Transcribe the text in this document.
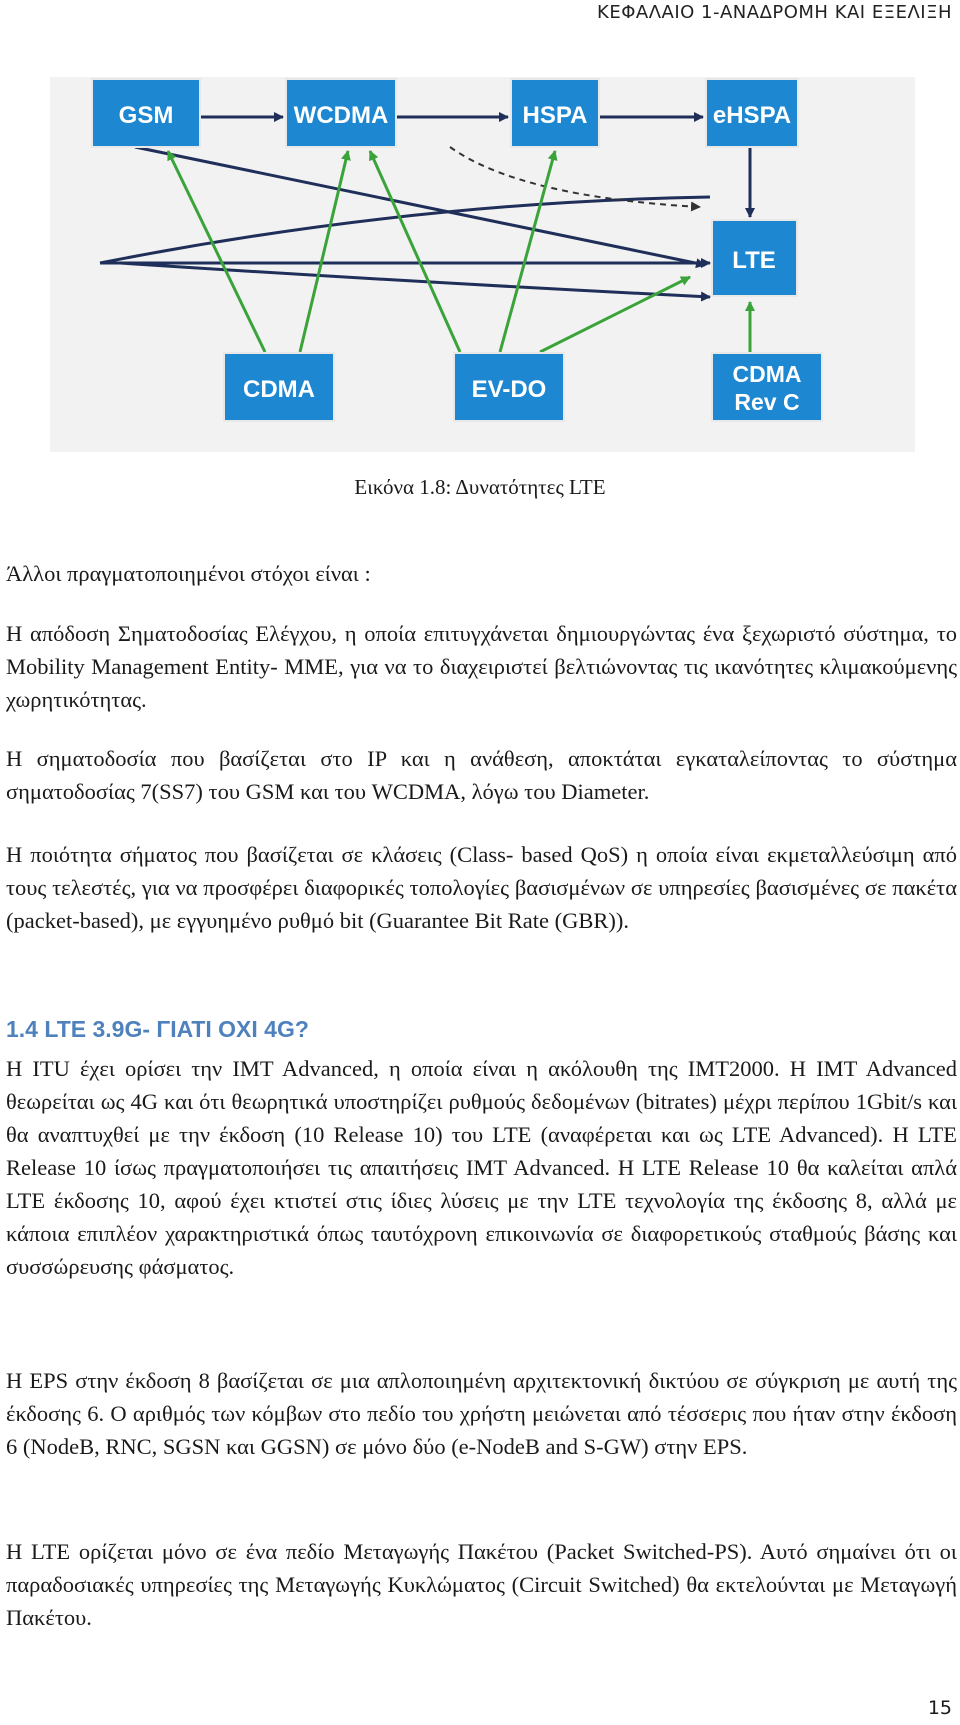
ΚΕΦΑΛΑΙΟ 1-ΑΝΑΔΡΟΜΗ ΚΑΙ ΕΞΕΛΙΞΗ
GSM	WCDMA	HSPA	eHSPA
LTE
CDMA	EV-DO
CDMA
Rev C
Εικόνα 1.8: Δυνατότητες LTE

Άλλοι πραγματοποιημένοι στόχοι είναι :

Η απόδοση Σηματοδοσίας Ελέγχου, η οποία επιτυγχάνεται δημιουργώντας ένα ξεχωριστό σύστημα, το Mobility Management Entity- MME, για να το διαχειριστεί βελτιώνοντας τις ικανότητες κλιμακούμενης χωρητικότητας.

Η σηματοδοσία που βασίζεται στο IP και η ανάθεση, αποκτάται εγκαταλείποντας το σύστημα σηματοδοσίας 7(SS7) του GSM και του WCDMA, λόγω του Diameter.

Η ποιότητα σήματος που βασίζεται σε κλάσεις (Class- based QoS) η οποία είναι εκμεταλλεύσιμη από τους τελεστές, για να προσφέρει διαφορικές τοπολογίες βασισμένων σε υπηρεσίες βασισμένες σε πακέτα (packet-based), με εγγυημένο ρυθμό bit (Guarantee Bit Rate (GBR)).

1.4 LTE 3.9G- ΓΙΑΤΙ ΟΧΙ 4G?

Η ITU έχει ορίσει την IMT Advanced, η οποία είναι η ακόλουθη της IMT2000. Η IMT Advanced θεωρείται ως 4G και ότι θεωρητικά υποστηρίζει ρυθμούς δεδομένων (bitrates) μέχρι περίπου 1Gbit/s και θα αναπτυχθεί με την έκδοση (10 Release 10) του LTE (αναφέρεται και ως LTE Advanced). Η LTE Release 10 ίσως πραγματοποιήσει τις απαιτήσεις IMT Advanced. Η LTE Release 10 θα καλείται απλά LTE έκδοσης 10, αφού έχει κτιστεί στις ίδιες λύσεις με την LTE τεχνολογία της έκδοσης 8, αλλά με κάποια επιπλέον χαρακτηριστικά όπως ταυτόχρονη επικοινωνία σε διαφορετικούς σταθμούς βάσης και συσσώρευσης φάσματος.

Η EPS στην έκδοση 8 βασίζεται σε μια απλοποιημένη αρχιτεκτονική δικτύου σε σύγκριση με αυτή της έκδοσης 6. Ο αριθμός των κόμβων στο πεδίο του χρήστη μειώνεται από τέσσερις που ήταν στην έκδοση 6 (NodeB, RNC, SGSN και GGSN) σε μόνο δύο (e-NodeB and S-GW) στην EPS.

Η LTE ορίζεται μόνο σε ένα πεδίο Μεταγωγής Πακέτου (Packet Switched-PS). Αυτό σημαίνει ότι οι παραδοσιακές υπηρεσίες της Μεταγωγής Κυκλώματος (Circuit Switched) θα εκτελούνται με Μεταγωγή Πακέτου.

15
